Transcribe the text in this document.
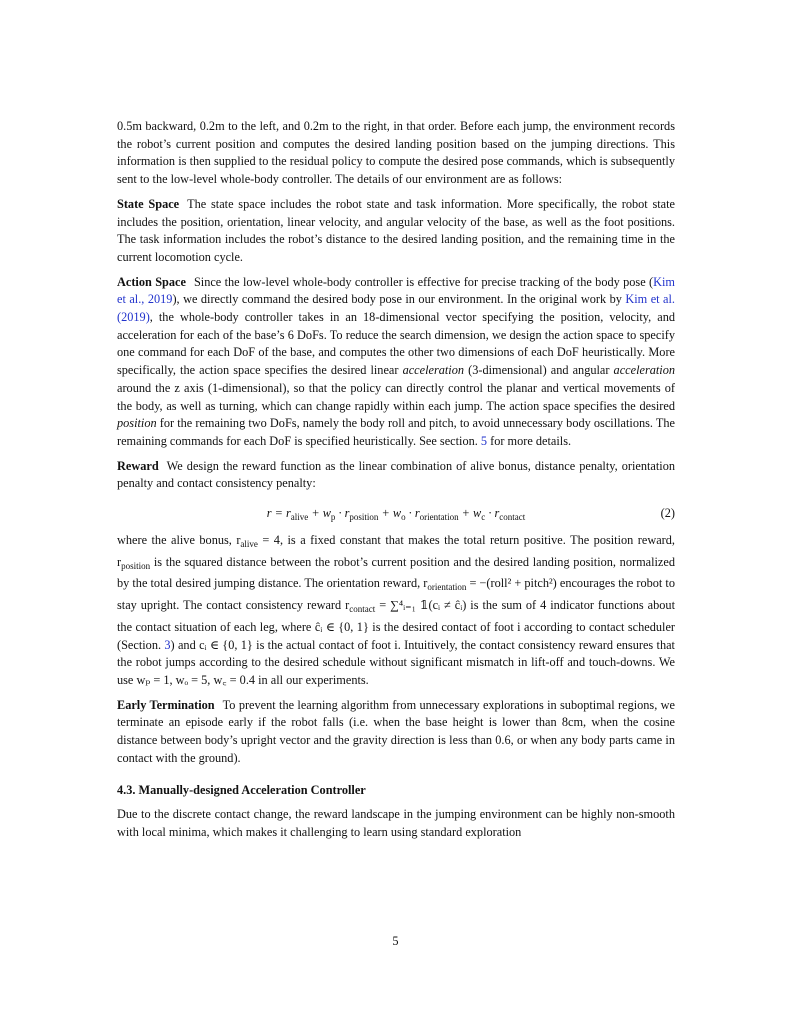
0.5m backward, 0.2m to the left, and 0.2m to the right, in that order. Before each jump, the environment records the robot’s current position and computes the desired landing position based on the jumping directions. This information is then supplied to the residual policy to compute the desired pose commands, which is subsequently sent to the low-level whole-body controller. The details of our environment are as follows:

State Space The state space includes the robot state and task information. More specifically, the robot state includes the position, orientation, linear velocity, and angular velocity of the base, as well as the foot positions. The task information includes the robot’s distance to the desired landing position, and the remaining time in the current locomotion cycle.

Action Space Since the low-level whole-body controller is effective for precise tracking of the body pose (Kim et al., 2019), we directly command the desired body pose in our environment. In the original work by Kim et al. (2019), the whole-body controller takes in an 18-dimensional vector specifying the position, velocity, and acceleration for each of the base’s 6 DoFs. To reduce the search dimension, we design the action space to specify one command for each DoF of the base, and computes the other two dimensions of each DoF heuristically. More specifically, the action space specifies the desired linear acceleration (3-dimensional) and angular acceleration around the z axis (1-dimensional), so that the policy can directly control the planar and vertical movements of the body, as well as turning, which can change rapidly within each jump. The action space specifies the desired position for the remaining two DoFs, namely the body roll and pitch, to avoid unnecessary body oscillations. The remaining commands for each DoF is specified heuristically. See section. 5 for more details.

Reward We design the reward function as the linear combination of alive bonus, distance penalty, orientation penalty and contact consistency penalty:

$r = r_{alive} + w_p \cdot r_{position} + w_o \cdot r_{orientation} + w_c \cdot r_{contact}$	(2)

where the alive bonus, $r_{alive} = 4$, is a fixed constant that makes the total return positive. The position reward, $r_{position}$ is the squared distance between the robot’s current position and the desired landing position, normalized by the total desired jumping distance. The orientation reward, $r_{orientation}$ = −(roll² + pitch²) encourages the robot to stay upright. The contact consistency reward $r_{contact}$ = ∑⁴ᵢ₌₁ 𝟙(cᵢ ≠ ĉᵢ) is the sum of 4 indicator functions about the contact situation of each leg, where ĉᵢ ∈ {0, 1} is the desired contact of foot i according to contact scheduler (Section. 3) and cᵢ ∈ {0, 1} is the actual contact of foot i. Intuitively, the contact consistency reward ensures that the robot jumps according to the desired schedule without significant mismatch in lift-off and touch-downs. We use wₚ = 1, wₒ = 5, w꜀ = 0.4 in all our experiments.

Early Termination To prevent the learning algorithm from unnecessary explorations in suboptimal regions, we terminate an episode early if the robot falls (i.e. when the base height is lower than 8cm, when the cosine distance between body’s upright vector and the gravity direction is less than 0.6, or when any body parts came in contact with the ground).

4.3. Manually-designed Acceleration Controller

Due to the discrete contact change, the reward landscape in the jumping environment can be highly non-smooth with local minima, which makes it challenging to learn using standard exploration

5
